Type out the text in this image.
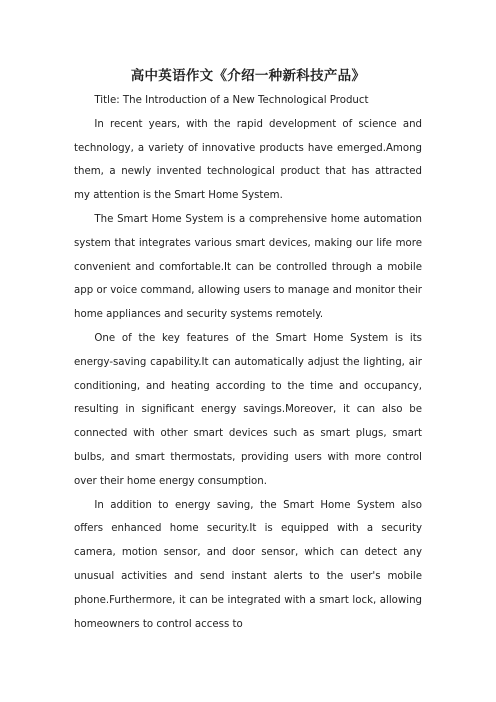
高中英语作文《介绍一种新科技产品》

Title: The Introduction of a New Technological Product

In recent years, with the rapid development of science and technology, a variety of innovative products have emerged.Among them, a newly invented technological product that has attracted my attention is the Smart Home System.

The Smart Home System is a comprehensive home automation system that integrates various smart devices, making our life more convenient and comfortable.It can be controlled through a mobile app or voice command, allowing users to manage and monitor their home appliances and security systems remotely.

One of the key features of the Smart Home System is its energy-saving capability.It can automatically adjust the lighting, air conditioning, and heating according to the time and occupancy, resulting in significant energy savings.Moreover, it can also be connected with other smart devices such as smart plugs, smart bulbs, and smart thermostats, providing users with more control over their home energy consumption.

In addition to energy saving, the Smart Home System also offers enhanced home security.It is equipped with a security camera, motion sensor, and door sensor, which can detect any unusual activities and send instant alerts to the user's mobile phone.Furthermore, it can be integrated with a smart lock, allowing homeowners to control access to
